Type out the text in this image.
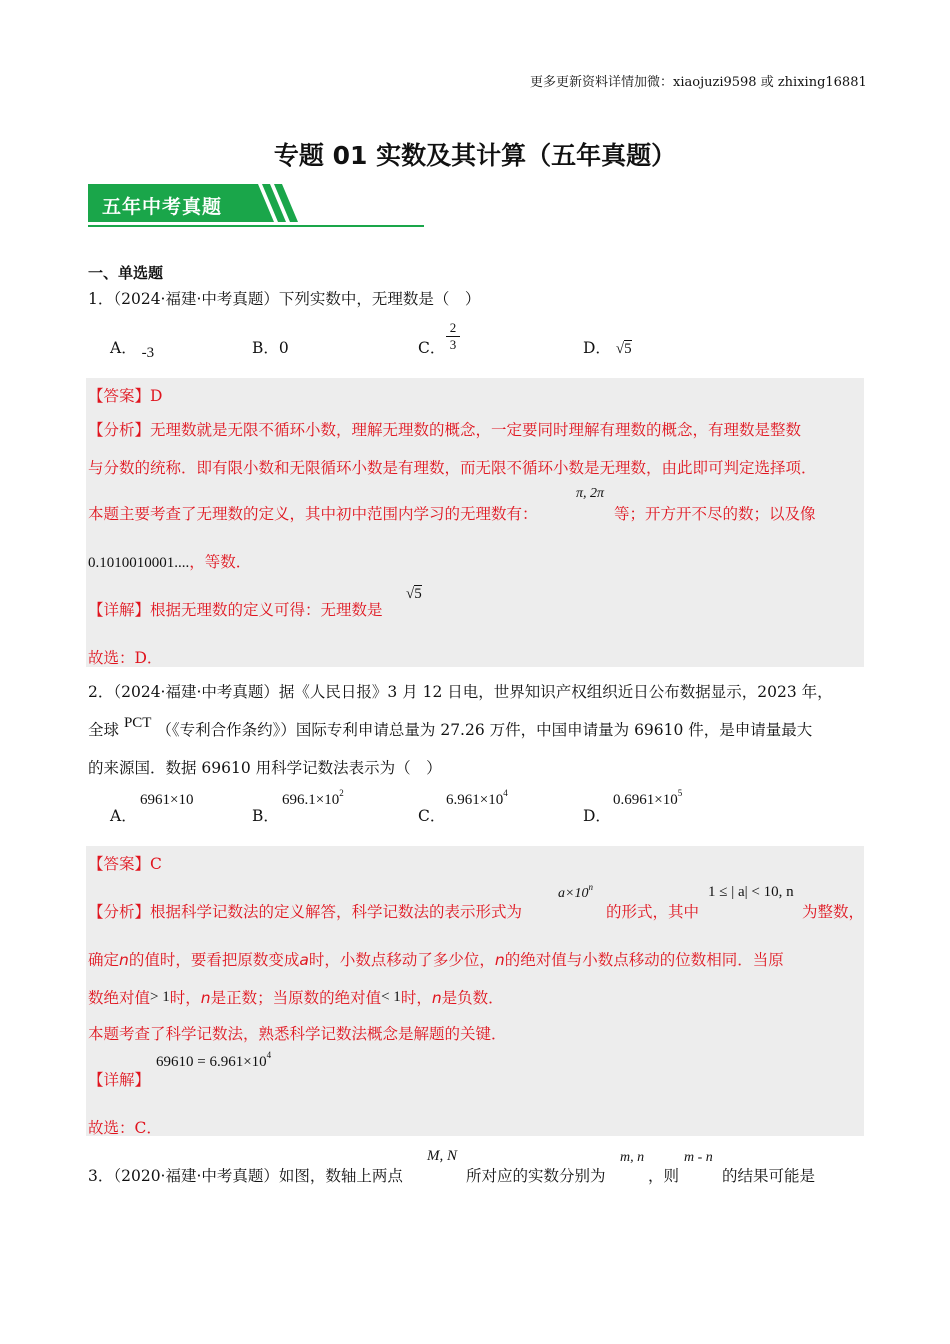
更多更新资料详情加微：xiaojuzi9598 或 zhixing16881
专题 01 实数及其计算（五年真题）
五年中考真题
一、单选题
1．（2024·福建·中考真题）下列实数中，无理数是（　）
A． -3	B．0	C． $\frac{2}{3}$	D． √5
【答案】D
【分析】无理数就是无限不循环小数，理解无理数的概念，一定要同时理解有理数的概念，有理数是整数
与分数的统称．即有限小数和无限循环小数是有理数，而无限不循环小数是无理数，由此即可判定选择项．
本题主要考查了无理数的定义，其中初中范围内学习的无理数有：
π, 2π
等；开方开不尽的数；以及像
0.1010010001....，等数．
【详解】根据无理数的定义可得：无理数是
√5
故选：D．
2．（2024·福建·中考真题）据《人民日报》3 月 12 日电，世界知识产权组织近日公布数据显示，2023 年，
全球 PCT （《专利合作条约》）国际专利申请总量为 27.26 万件，中国申请量为 69610 件，是申请量最大
的来源国．数据 69610 用科学记数法表示为（　）
A．
6961×10
B．
$696.1\times 10^2$
C．
$6.961\times 10^4$
D．
$0.6961\times 10^5$
【答案】C
【分析】根据科学记数法的定义解答，科学记数法的表示形式为
$a\times 10^n$
的形式，其中
1 ≤ | a| < 10, n
为整数，
确定n的值时，要看把原数变成a时，小数点移动了多少位，n的绝对值与小数点移动的位数相同．当原
数绝对值> 1时，n是正数；当原数的绝对值< 1时，n是负数．
本题考查了科学记数法，熟悉科学记数法概念是解题的关键．
【详解】
$69610 = 6.961\times 10^4$
故选：C．
3．（2020·福建·中考真题）如图，数轴上两点
M, N
所对应的实数分别为
m, n
，则
m - n
的结果可能是
